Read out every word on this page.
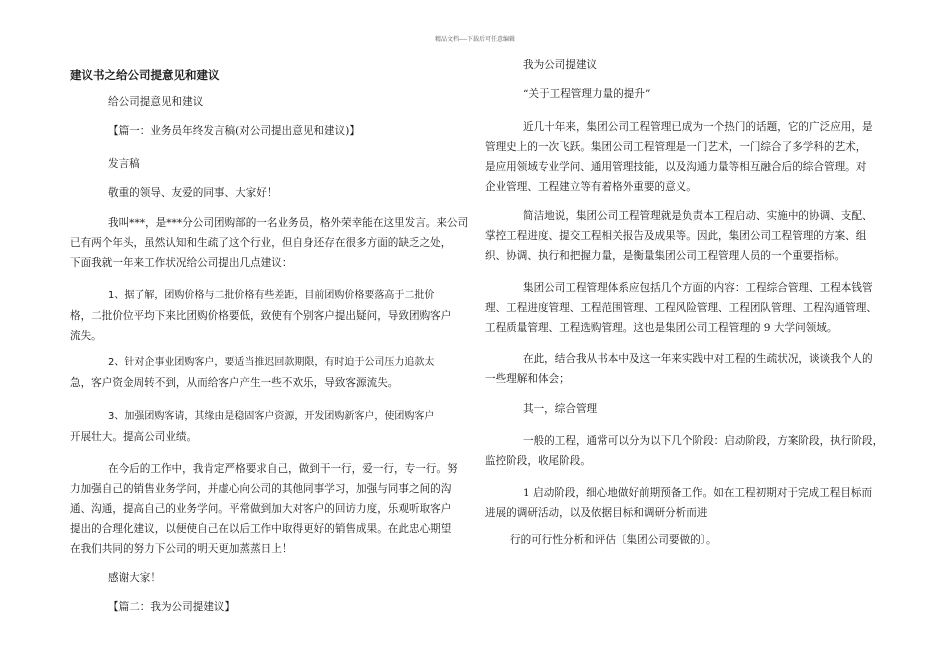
精品文档----下载后可任意编辑
建议书之给公司提意见和建议
给公司提意见和建议
【篇一：业务员年终发言稿(对公司提出意见和建议)】
发言稿
敬重的领导、友爱的同事、大家好！
我叫***，是***分公司团购部的一名业务员，格外荣幸能在这里发言。来公司
已有两个年头，虽然认知和生疏了这个行业，但自身还存在很多方面的缺乏之处，
下面我就一年来工作状况给公司提出几点建议：
1、据了解，团购价格与二批价格有些差距，目前团购价格要落高于二批价
格，二批价位平均下来比团购价格要低，致使有个别客户提出疑问，导致团购客户
流失。
2、针对企事业团购客户，要适当推迟回款期限，有时迫于公司压力追款太
急，客户资金周转不到，从而给客户产生一些不欢乐，导致客源流失。
3、加强团购客请，其缘由是稳固客户资源，开发团购新客户，使团购客户
开展壮大。提高公司业绩。
在今后的工作中，我肯定严格要求自己，做到干一行，爱一行，专一行。努
力加强自己的销售业务学问，并虚心向公司的其他同事学习，加强与同事之间的沟
通、沟通，提高自己的业务学问。平常做到加大对客户的回访力度，乐观听取客户
提出的合理化建议，以便使自己在以后工作中取得更好的销售成果。在此忠心期望
在我们共同的努力下公司的明天更加蒸蒸日上！
感谢大家！
【篇二：我为公司提建议】
我为公司提建议
“关于工程管理力量的提升”
近几十年来，集团公司工程管理已成为一个热门的话题，它的广泛应用，是
管理史上的一次飞跃。集团公司工程管理是一门艺术，一门综合了多学科的艺术，
是应用领域专业学问、通用管理技能，以及沟通力量等相互融合后的综合管理。对
企业管理、工程建立等有着格外重要的意义。
简洁地说，集团公司工程管理就是负责本工程启动、实施中的协调、支配、
掌控工程进度、提交工程相关报告及成果等。因此，集团公司工程管理的方案、组
织、协调、执行和把握力量，是衡量集团公司工程管理人员的一个重要指标。
集团公司工程管理体系应包括几个方面的内容：工程综合管理、工程本钱管
理、工程进度管理、工程范围管理、工程风险管理、工程团队管理、工程沟通管理、
工程质量管理、工程选购管理。这也是集团公司工程管理的 9 大学问领域。
在此，结合我从书本中及这一年来实践中对工程的生疏状况，谈谈我个人的
一些理解和体会；
其一，综合管理
一般的工程，通常可以分为以下几个阶段：启动阶段，方案阶段，执行阶段，
监控阶段，收尾阶段。
1 启动阶段，细心地做好前期预备工作。如在工程初期对于完成工程目标而
进展的调研活动，以及依据目标和调研分析而进
行的可行性分析和评估〔集团公司要做的〕。
